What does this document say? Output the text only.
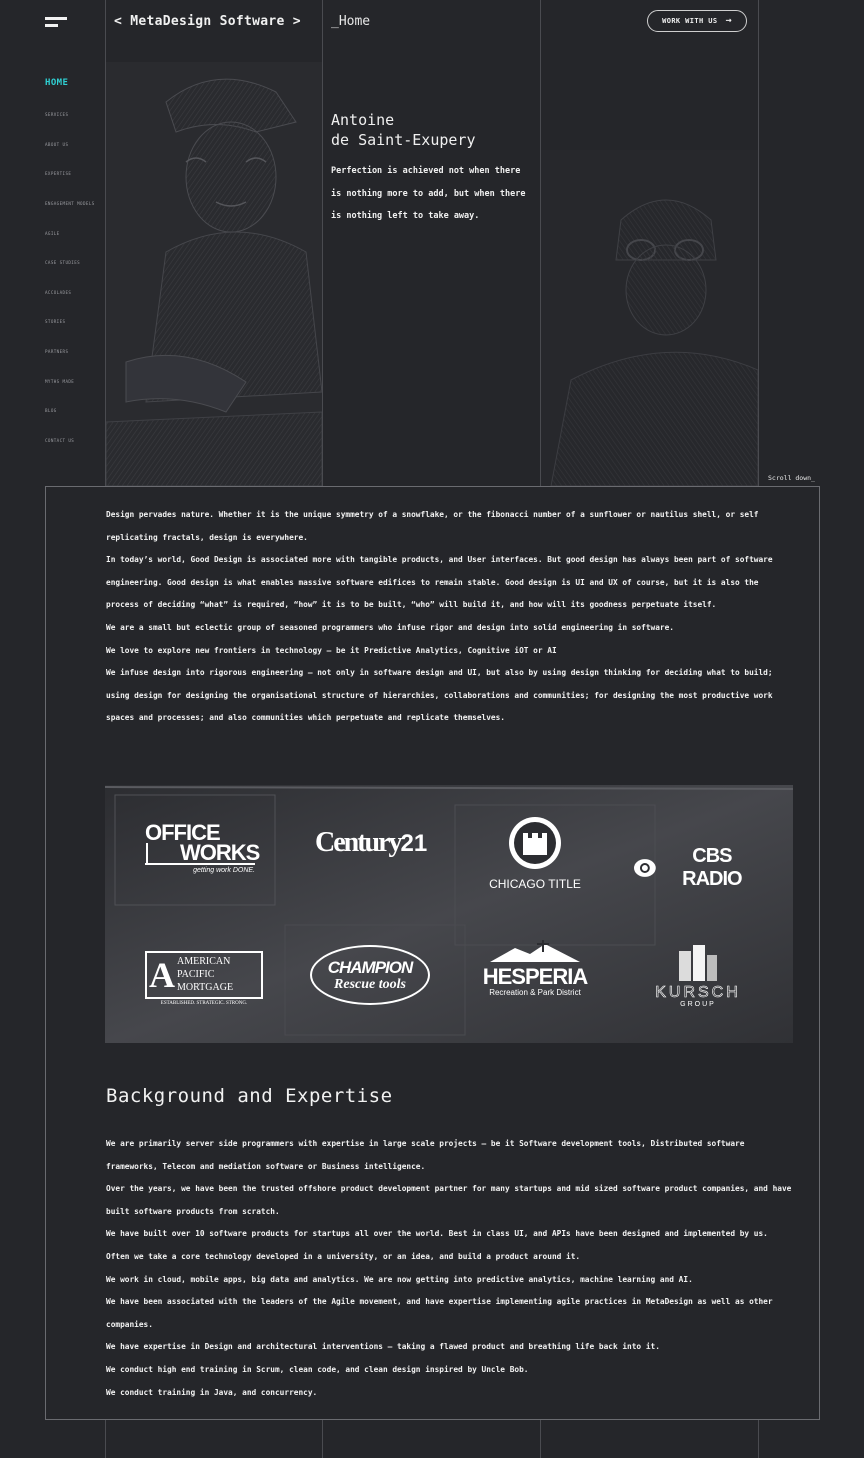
< MetaDesign Software > _Home	WORK WITH US →
HOME
SERVICES
ABOUT US
EXPERTISE
ENGAGEMENT MODELS
AGILE
CASE STUDIES
ACCOLADES
STORIES
PARTNERS
MYTHS MADE
BLOG
CONTACT US
Antoine
de Saint-Exupery
Perfection is achieved not when there is nothing more to add, but when there is nothing left to take away.
Scroll down_

Design pervades nature. Whether it is the unique symmetry of a snowflake, or the fibonacci number of a sunflower or nautilus shell, or self replicating fractals, design is everywhere.

In today’s world, Good Design is associated more with tangible products, and User interfaces. But good design has always been part of software engineering. Good design is what enables massive software edifices to remain stable. Good design is UI and UX of course, but it is also the process of deciding “what” is required, “how” it is to be built, “who” will build it, and how will its goodness perpetuate itself.

We are a small but eclectic group of seasoned programmers who infuse rigor and design into solid engineering in software.

We love to explore new frontiers in technology – be it Predictive Analytics, Cognitive iOT or AI

We infuse design into rigorous engineering – not only in software design and UI, but also by using design thinking for deciding what to build; using design for designing the organisational structure of hierarchies, collaborations and communities; for designing the most productive work spaces and processes; and also communities which perpetuate and replicate themselves.

OFFICE
WORKS
getting work DONE.
Century21
CHICAGO TITLE
CBS RADIO
A AMERICAN
PACIFIC
MORTGAGE
ESTABLISHED. STRATEGIC. STRONG.
CHAMPION
Rescue tools	HESPERIA
Recreation & Park District	KURSCH
GROUP
Background and Expertise

We are primarily server side programmers with expertise in large scale projects – be it Software development tools, Distributed software frameworks, Telecom and mediation software or Business intelligence.

Over the years, we have been the trusted offshore product development partner for many startups and mid sized software product companies, and have built software products from scratch.

We have built over 10 software products for startups all over the world. Best in class UI, and APIs have been designed and implemented by us. Often we take a core technology developed in a university, or an idea, and build a product around it.

We work in cloud, mobile apps, big data and analytics. We are now getting into predictive analytics, machine learning and AI.

We have been associated with the leaders of the Agile movement, and have expertise implementing agile practices in MetaDesign as well as other companies.

We have expertise in Design and architectural interventions – taking a flawed product and breathing life back into it.

We conduct high end training in Scrum, clean code, and clean design inspired by Uncle Bob.

We conduct training in Java, and concurrency.
